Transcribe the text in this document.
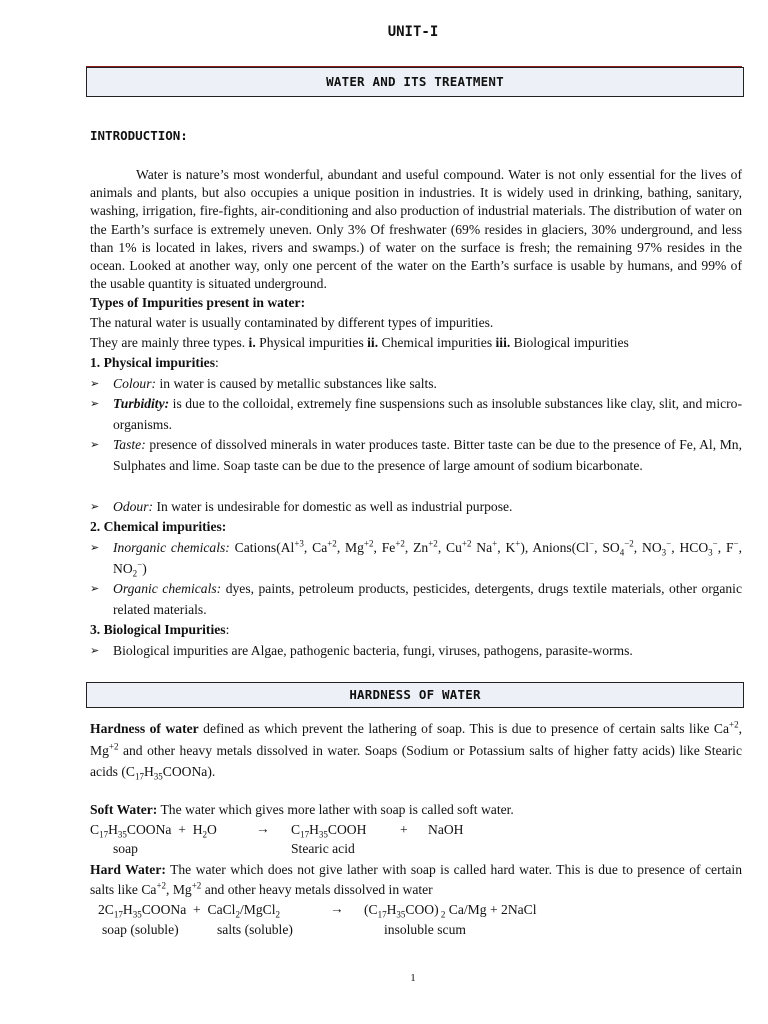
UNIT-I
WATER AND ITS TREATMENT
INTRODUCTION:
Water is nature’s most wonderful, abundant and useful compound. Water is not only essential for the lives of animals and plants, but also occupies a unique position in industries. It is widely used in drinking, bathing, sanitary, washing, irrigation, fire-fights, air-conditioning and also production of industrial materials. The distribution of water on the Earth’s surface is extremely uneven. Only 3% Of freshwater (69% resides in glaciers, 30% underground, and less than 1% is located in lakes, rivers and swamps.) of water on the surface is fresh; the remaining 97% resides in the ocean. Looked at another way, only one percent of the water on the Earth’s surface is usable by humans, and 99% of the usable quantity is situated underground.
Types of Impurities present in water:
The natural water is usually contaminated by different types of impurities.
They are mainly three types. i. Physical impurities ii. Chemical impurities iii. Biological impurities
1. Physical impurities:
➢ Colour: in water is caused by metallic substances like salts.
➢ Turbidity: is due to the colloidal, extremely fine suspensions such as insoluble substances like clay, slit, and micro-organisms.
➢ Taste: presence of dissolved minerals in water produces taste. Bitter taste can be due to the presence of Fe, Al, Mn, Sulphates and lime. Soap taste can be due to the presence of large amount of sodium bicarbonate.
➢ Odour: In water is undesirable for domestic as well as industrial purpose.
2. Chemical impurities:
➢ Inorganic chemicals: $Cations(Al^{+3}$, $Ca^{+2}$, $Mg^{+2}$, $Fe^{+2}$, $Zn^{+2}$, $Cu^{+2}$ Na+, K+), Anions(Cl−, $SO_4^{-2}$, $NO_3^-$, $HCO_3^-$, F−, $NO_2^-$)
➢ Organic chemicals: dyes, paints, petroleum products, pesticides, detergents, drugs textile materials, other organic related materials.
3. Biological Impurities:
➢ Biological impurities are Algae, pathogenic bacteria, fungi, viruses, pathogens, parasite-worms.
HARDNESS OF WATER
Hardness of water defined as which prevent the lathering of soap. This is due to presence of certain salts like $Ca^{+2}$, $Mg^{+2}$ and other heavy metals dissolved in water. Soaps (Sodium or Potassium salts of higher fatty acids) like Stearic acids $(C_{17}H_{35}COONa)$.
Soft Water: The water which gives more lather with soap is called soft water.
$C_{17}H_{35}COONa + H_2O$	→ $C_{17}H_{35}COOH$ + NaOH
soap	Stearic acid
Hard Water: The water which does not give lather with soap is called hard water. This is due to presence of certain salts like $Ca^{+2}$, $Mg^{+2}$ and other heavy metals dissolved in water
$2C_{17}H_{35}COONa$  +  CaCl$_2$/MgCl$_2$	→ $(C_{17}H_{35}COO)$ $_2$ Ca/Mg + 2NaCl
soap (soluble)	salts (soluble)	insoluble scum
1
